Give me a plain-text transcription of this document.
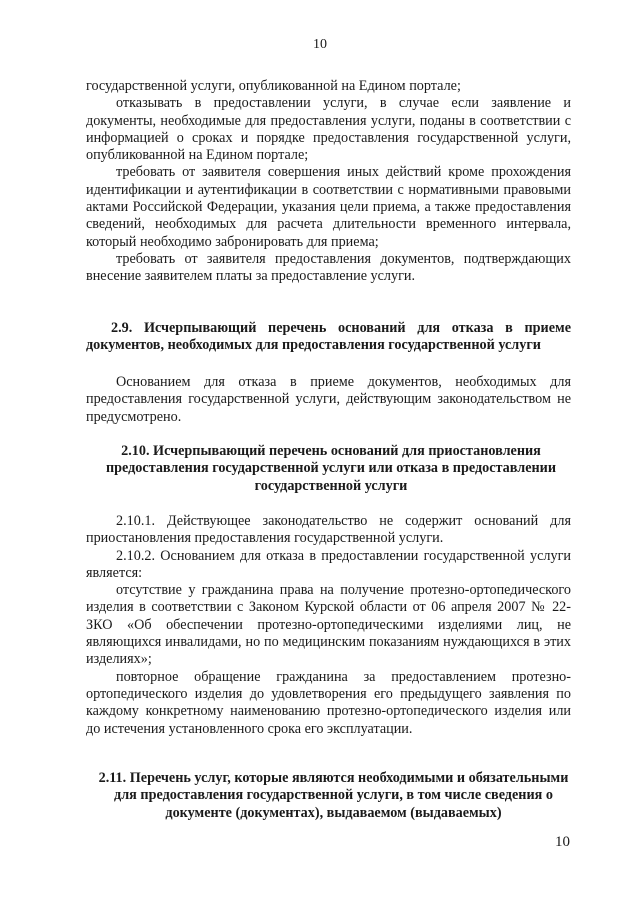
10

государственной услуги, опубликованной на Едином портале;

отказывать в предоставлении услуги, в случае если заявление и документы, необходимые для предоставления услуги, поданы в соответствии с информацией о сроках и порядке предоставления государственной услуги, опубликованной на Едином портале;

требовать от заявителя совершения иных действий кроме прохождения идентификации и аутентификации в соответствии с нормативными правовыми актами Российской Федерации, указания цели приема, а также предоставления сведений, необходимых для расчета длительности временного интервала, который необходимо забронировать для приема;

требовать от заявителя предоставления документов, подтверждающих внесение заявителем платы за предоставление услуги.

2.9. Исчерпывающий перечень оснований для отказа в приеме документов, необходимых для предоставления государственной услуги

Основанием для отказа в приеме документов, необходимых для предоставления государственной услуги, действующим законодательством не предусмотрено.

2.10. Исчерпывающий перечень оснований для приостановления предоставления государственной услуги или отказа в предоставлении государственной услуги

2.10.1. Действующее законодательство не содержит оснований для приостановления предоставления государственной услуги.

2.10.2. Основанием для отказа в предоставлении государственной услуги является:

отсутствие у гражданина права на получение протезно-ортопедического изделия в соответствии с Законом Курской области от 06 апреля 2007 № 22-ЗКО «Об обеспечении протезно-ортопедическими изделиями лиц, не являющихся инвалидами, но по медицинским показаниям нуждающихся в этих изделиях»;

повторное обращение гражданина за предоставлением протезно-ортопедического изделия до удовлетворения его предыдущего заявления по каждому конкретному наименованию протезно-ортопедического изделия или до истечения установленного срока его эксплуатации.

2.11. Перечень услуг, которые являются необходимыми и обязательными для предоставления государственной услуги, в том числе сведения о документе (документах), выдаваемом (выдаваемых)

10
